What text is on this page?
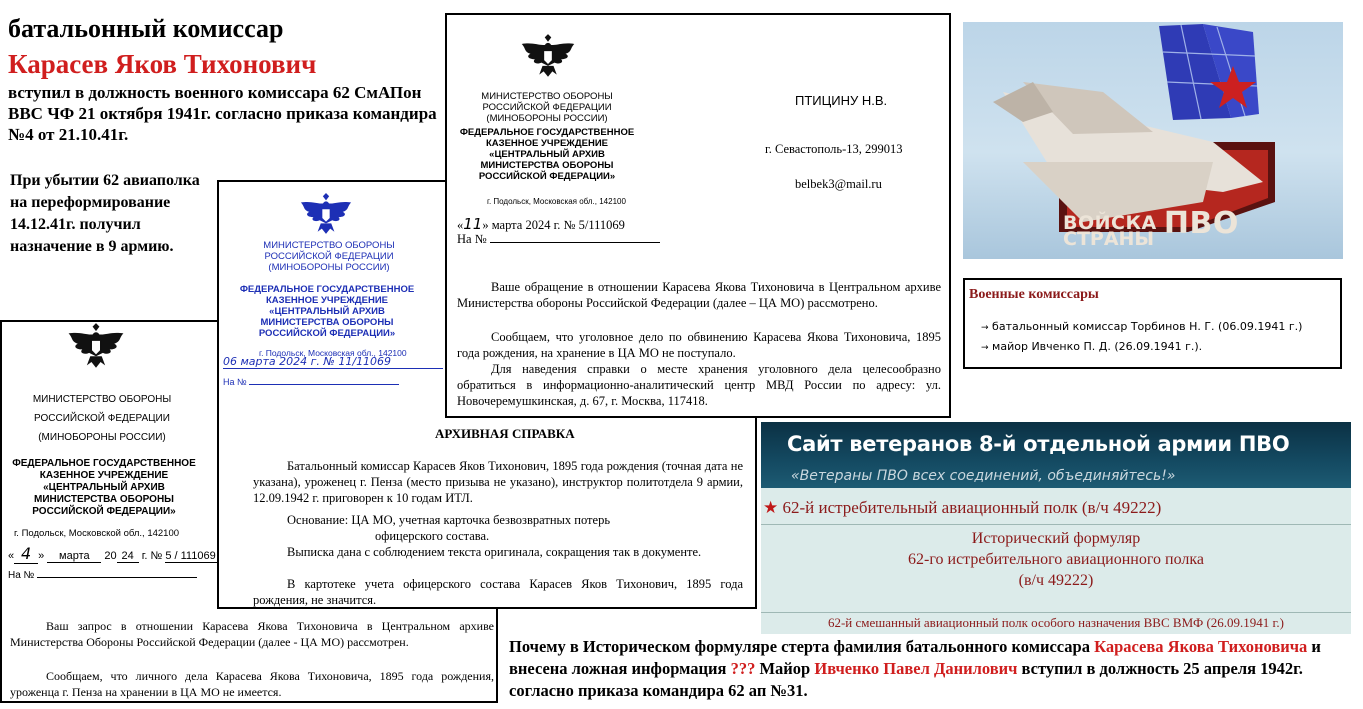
батальонный комиссар
Карасев Яков Тихонович
вступил в должность военного комиссара 62 СмАПон ВВС ЧФ 21 октября 1941г. согласно приказа командира №4 от 21.10.41г.
При убытии 62 авиаполка на переформирование 14.12.41г. получил назначение в 9 армию.
МИНИСТЕРСТВО ОБОРОНЫ
РОССИЙСКОЙ ФЕДЕРАЦИИ
(МИНОБОРОНЫ РОССИИ)
ФЕДЕРАЛЬНОЕ ГОСУДАРСТВЕННОЕ
КАЗЕННОЕ УЧРЕЖДЕНИЕ
«ЦЕНТРАЛЬНЫЙ АРХИВ
МИНИСТЕРСТВА ОБОРОНЫ
РОССИЙСКОЙ ФЕДЕРАЦИИ»
г. Подольск, Московской обл., 142100
« 4 » марта 20 24 г. № 5 / 111069
На №

Ваш запрос в отношении Карасева Якова Тихоновича в Центральном архиве Министерства Обороны Российской Федерации (далее - ЦА МО) рассмотрен.

Сообщаем, что личного дела Карасева Якова Тихоновича, 1895 года рождения, уроженца г. Пенза на хранении в ЦА МО не имеется.

МИНИСТЕРСТВО ОБОРОНЫ
РОССИЙСКОЙ ФЕДЕРАЦИИ
(МИНОБОРОНЫ РОССИИ)
ФЕДЕРАЛЬНОЕ ГОСУДАРСТВЕННОЕ
КАЗЕННОЕ УЧРЕЖДЕНИЕ
«ЦЕНТРАЛЬНЫЙ АРХИВ
МИНИСТЕРСТВА ОБОРОНЫ
РОССИЙСКОЙ ФЕДЕРАЦИИ»
г. Подольск, Московская обл., 142100
06 марта 2024 г. № 11/11069
На №
АРХИВНАЯ СПРАВКА

Батальонный комиссар Карасев Яков Тихонович, 1895 года рождения (точная дата не указана), уроженец г. Пенза (место призыва не указано), инструктор политотдела 9 армии, 12.09.1942 г. приговорен к 10 годам ИТЛ.

Основание: ЦА МО, учетная карточка безвозвратных потерь

офицерского состава.

Выписка дана с соблюдением текста оригинала, сокращения так в документе.

В картотеке учета офицерского состава Карасев Яков Тихонович, 1895 года рождения, не значится.

МИНИСТЕРСТВО ОБОРОНЫ
РОССИЙСКОЙ ФЕДЕРАЦИИ
(МИНОБОРОНЫ РОССИИ)
ФЕДЕРАЛЬНОЕ ГОСУДАРСТВЕННОЕ
КАЗЕННОЕ УЧРЕЖДЕНИЕ
«ЦЕНТРАЛЬНЫЙ АРХИВ
МИНИСТЕРСТВА ОБОРОНЫ
РОССИЙСКОЙ ФЕДЕРАЦИИ»
г. Подольск, Московская обл., 142100
ПТИЦИНУ Н.В.
г. Севастополь-13, 299013
belbek3@mail.ru
«11» марта 2024 г. № 5/111069
На №

Ваше обращение в отношении Карасева Якова Тихоновича в Центральном архиве Министерства обороны Российской Федерации (далее – ЦА МО) рассмотрено.

Сообщаем, что уголовное дело по обвинению Карасева Якова Тихоновича, 1895 года рождения, на хранение в ЦА МО не поступало.

Для наведения справки о месте хранения уголовного дела целесообразно обратиться в информационно-аналитический центр МВД России по адресу: ул. Новочеремушкинская, д. 67, г. Москва, 117418.

ВОЙСКА ПВО
СТРАНЫ
Военные комиссары
→ батальонный комиссар Торбинов Н. Г. (06.09.1941 г.)
→ майор Ивченко П. Д. (26.09.1941 г.).
Сайт ветеранов 8-й отдельной армии ПВО
«Ветераны ПВО всех соединений, объединяйтесь!»
★ 62-й истребительный авиационный полк (в/ч 49222)
Исторический формуляр
62-го истребительного авиационного полка
(в/ч 49222)
62-й смешанный авиационный полк особого назначения ВВС ВМФ (26.09.1941 г.)
Почему в Историческом формуляре стерта фамилия батальонного комиссара Карасева Якова Тихоновича и внесена ложная информация ??? Майор Ивченко Павел Данилович вступил в должность 25 апреля 1942г. согласно приказа командира 62 ап №31.
